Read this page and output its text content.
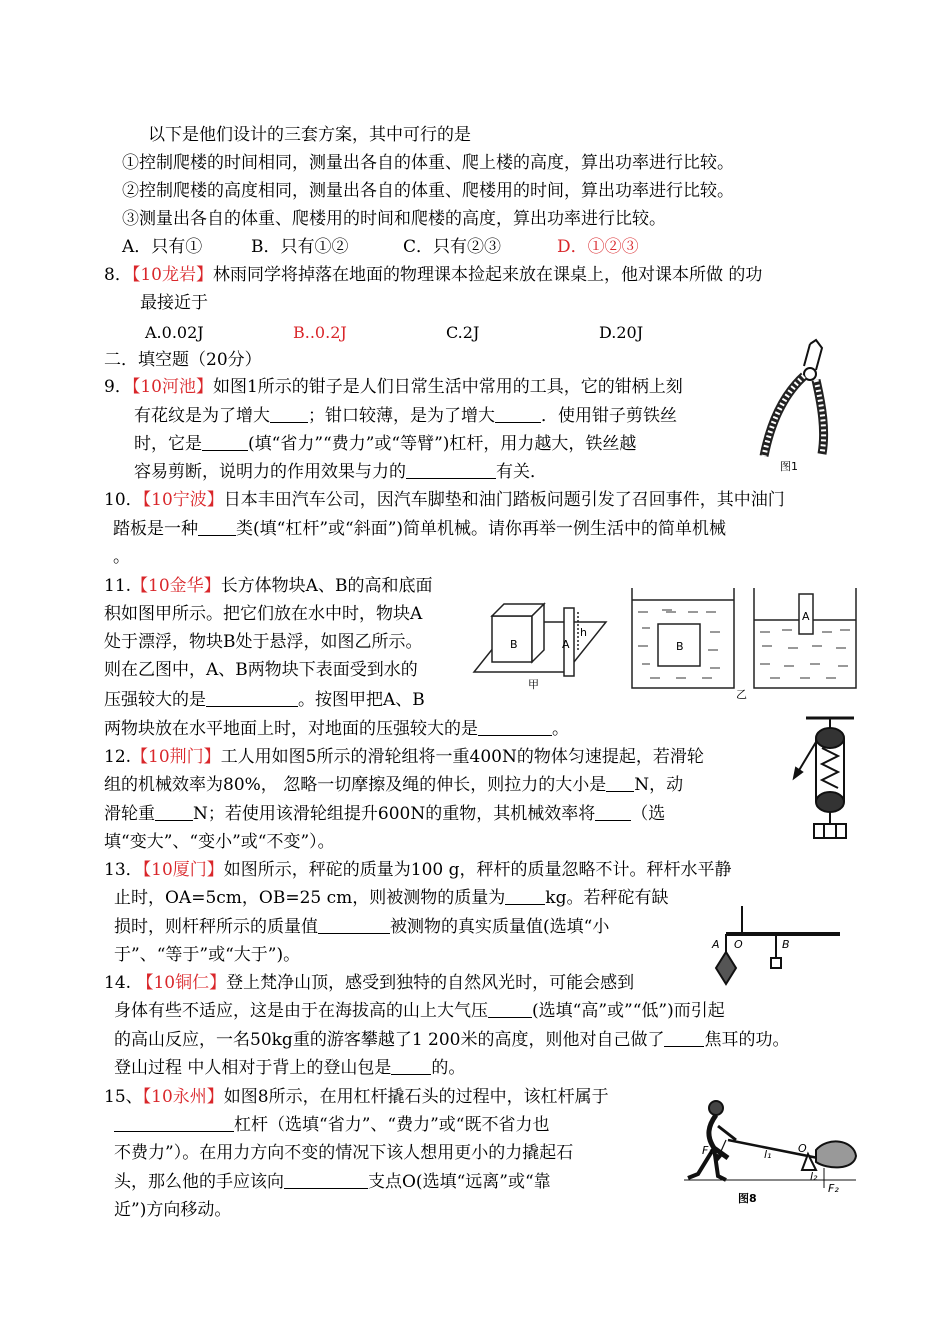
以下是他们设计的三套方案，其中可行的是
①控制爬楼的时间相同，测量出各自的体重、爬上楼的高度，算出功率进行比较。
②控制爬楼的高度相同，测量出各自的体重、爬楼用的时间，算出功率进行比较。
③测量出各自的体重、爬楼用的时间和爬楼的高度，算出功率进行比较。
A．只有①	B．只有①②	C．只有②③	D．①②③
8．【10龙岩】林雨同学将掉落在地面的物理课本捡起来放在课桌上，他对课本所做 的功
最接近于
A.0.02J	B..0.2J	C.2J	D.20J
二．填空题（20分）
9．【10河池】如图1所示的钳子是人们日常生活中常用的工具，它的钳柄上刻
有花纹是为了增大 ；钳口较薄，是为了增大	．使用钳子剪铁丝
时，它是	(填“省力”“费力”或“等臂”)杠杆，用力越大，铁丝越
容易剪断，说明力的作用效果与力的	有关．	图1
10．【10宁波】日本丰田汽车公司，因汽车脚垫和油门踏板问题引发了召回事件，其中油门
踏板是一种 类(填“杠杆”或“斜面”)简单机械。请你再举一例生活中的简单机械
。
11.【10金华】长方体物块A、B的高和底面
积如图甲所示。把它们放在水中时，物块A
处于漂浮，物块B处于悬浮，如图乙所示。
则在乙图中，A、B两物块下表面受到水的
压强较大的是	。按图甲把A、B
两物块放在水平地面上时，对地面的压强较大的是	。
B	A
h
B
A
甲
乙
12.【10荆门】工人用如图5所示的滑轮组将一重400N的物体匀速提起，若滑轮
组的机械效率为80%， 忽略一切摩擦及绳的伸长，则拉力的大小是 N，动
滑轮重 N；若使用该滑轮组提升600N的重物，其机械效率将 （选
填“变大”、“变小”或“不变”）。
13．【10厦门】如图所示，秤砣的质量为100 g，秤杆的质量忽略不计。秤杆水平静
止时，OA=5cm，OB=25 cm，则被测物的质量为 kg。若秤砣有缺
损时，则杆秤所示的质量值	被测物的真实质量值(选填“小
于”、“等于”或“大于”)。
A O	B
14. 【10铜仁】登上梵净山顶，感受到独特的自然风光时，可能会感到
身体有些不适应，这是由于在海拔高的山上大气压	(选填“高”或”“低”)而引起
的高山反应，一名50kg重的游客攀越了1 200米的高度，则他对自己做了 焦耳的功。
登山过程 中人相对于背上的登山包是 的。
15、【10永州】如图8所示，在用杠杆撬石头的过程中，该杠杆属于
杠杆（选填“省力”、“费力”或“既不省力也
不费力”）。在用力方向不变的情况下该人想用更小的力撬起石
头，那么他的手应该向	支点O(选填“远离”或“靠
近”)方向移动。
O
F₁	l₁
l₂
F₂
图8
